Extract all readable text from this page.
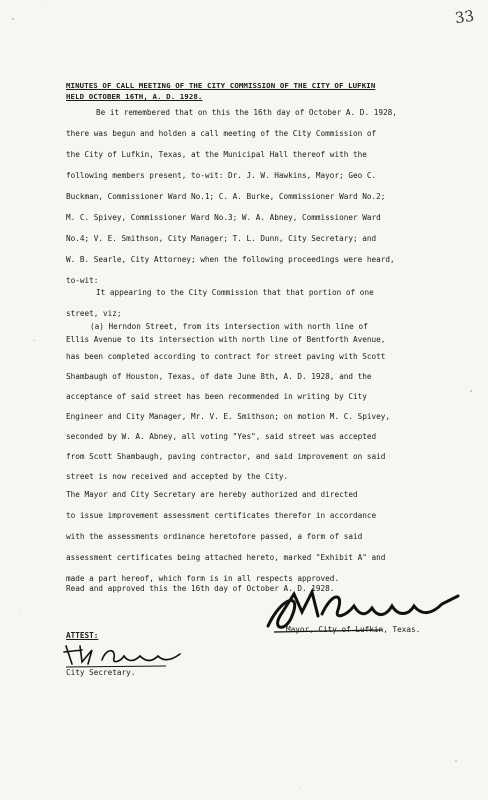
33
MINUTES OF CALL MEETING OF THE CITY COMMISSION OF THE CITY OF LUFKIN
HELD OCTOBER 16TH, A. D. 1928.
Be it remembered that on this the 16th day of October A. D. 1928,
there was begun and holden a call meeting of the City Commission of
the City of Lufkin, Texas, at the Municipal Hall thereof with the
following members present, to-wit: Dr. J. W. Hawkins, Mayor; Geo C.
Buckman, Commissioner Ward No.1; C. A. Burke, Commissioner Ward No.2;
M. C. Spivey, Commissioner Ward No.3; W. A. Abney, Commissioner Ward
No.4; V. E. Smithson, City Manager; T. L. Dunn, City Secretary; and
W. B. Searle, City Attorney; when the following proceedings were heard,
to-wit:
It appearing to the City Commission that that portion of one
street, viz;
(a) Herndon Street, from its intersection with north line of
Ellis Avenue to its intersection with north line of Bentforth Avenue,
has been completed according to contract for street paving with Scott
Shambaugh of Houston, Texas, of date June 8th, A. D. 1928, and the
acceptance of said street has been recommended in writing by City
Engineer and City Manager, Mr. V. E. Smithson; on motion M. C. Spivey,
seconded by W. A. Abney, all voting "Yes", said street was accepted
from Scott Shambaugh, paving contractor, and said improvement on said
street is now received and accepted by the City.
The Mayor and City Secretary are hereby authorized and directed
to issue improvement assessment certificates therefor in accordance
with the assessments ordinance heretofore passed, a form of said
assessment certificates being attached hereto, marked "Exhibit A" and
made a part hereof, which form is in all respects approved.
Read and approved this the 16th day of October A. D. 1928.
Mayor, City of Lufkin, Texas.
ATTEST:
City Secretary.
